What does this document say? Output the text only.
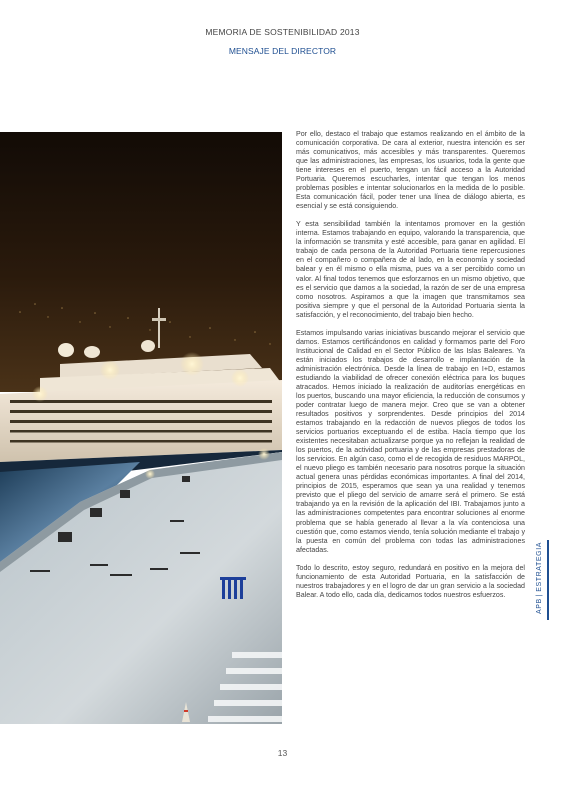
MEMORIA DE SOSTENIBILIDAD 2013
MENSAJE DEL DIRECTOR

Por ello, destaco el trabajo que estamos realizando en el ámbito de la comunicación corporativa. De cara al exterior, nuestra intención es ser más comunicativos, más accesibles y más transparentes. Queremos que las administraciones, las empresas, los usuarios, toda la gente que tiene intereses en el puerto, tengan un fácil acceso a la Autoridad Portuaria. Queremos escucharles, intentar que tengan los menos problemas posibles e intentar solucionarlos en la medida de lo posible. Esta comunicación fácil, poder tener una línea de diálogo abierta, es esencial y se está consiguiendo.

Y esta sensibilidad también la intentamos promover en la gestión interna. Estamos trabajando en equipo, valorando la transparencia, que la información se transmita y esté accesible, para ganar en agilidad. El trabajo de cada persona de la Autoridad Portuaria tiene repercusiones en el compañero o compañera de al lado, en la economía y sociedad balear y en él mismo o ella misma, pues va a ser percibido como un valor. Al final todos tenemos que esforzarnos en un mismo objetivo, que es el servicio que damos a la sociedad, la razón de ser de una empresa como nosotros. Aspiramos a que la imagen que transmitamos sea positiva siempre y que el personal de la Autoridad Portuaria sienta la satisfacción, y el reconocimiento, del trabajo bien hecho.

Estamos impulsando varias iniciativas buscando mejorar el servicio que damos. Estamos certificándonos en calidad y formamos parte del Foro Institucional de Calidad en el Sector Público de las Islas Baleares. Ya están iniciados los trabajos de desarrollo e implantación de la administración electrónica. Desde la línea de trabajo en I+D, estamos estudiando la viabilidad de ofrecer conexión eléctrica para los buques atracados. Hemos iniciado la realización de auditorías energéticas en los puertos, buscando una mayor eficiencia, la reducción de consumos y poder contratar luego de manera mejor. Creo que se van a obtener resultados positivos y sorprendentes. Desde principios del 2014 estamos trabajando en la redacción de nuevos pliegos de todos los servicios portuarios exceptuando el de estiba. Hacía tiempo que los existentes necesitaban actualizarse porque ya no reflejan la realidad de los puertos, de la actividad portuaria y de las empresas prestadoras de los servicios. En algún caso, como el de recogida de residuos MARPOL, el nuevo pliego es también necesario para nosotros porque la situación actual genera unas pérdidas económicas importantes. A final del 2014, principios de 2015, esperamos que sean ya una realidad y tenemos previsto que el pliego del servicio de amarre será el primero. Se está trabajando ya en la revisión de la aplicación del IBI. Trabajamos junto a las administraciones competentes para encontrar soluciones al enorme problema que se había generado al llevar a la vía contenciosa una cuestión que, como estamos viendo, tenía solución mediante el trabajo y la puesta en común del problema con todas las administraciones afectadas.

Todo lo descrito, estoy seguro, redundará en positivo en la mejora del funcionamiento de esta Autoridad Portuaria, en la satisfacción de nuestros trabajadores y en el logro de dar un gran servicio a la sociedad Balear. A todo ello, cada día, dedicamos todos nuestros esfuerzos.

APB|ESTRATEGIA
13
